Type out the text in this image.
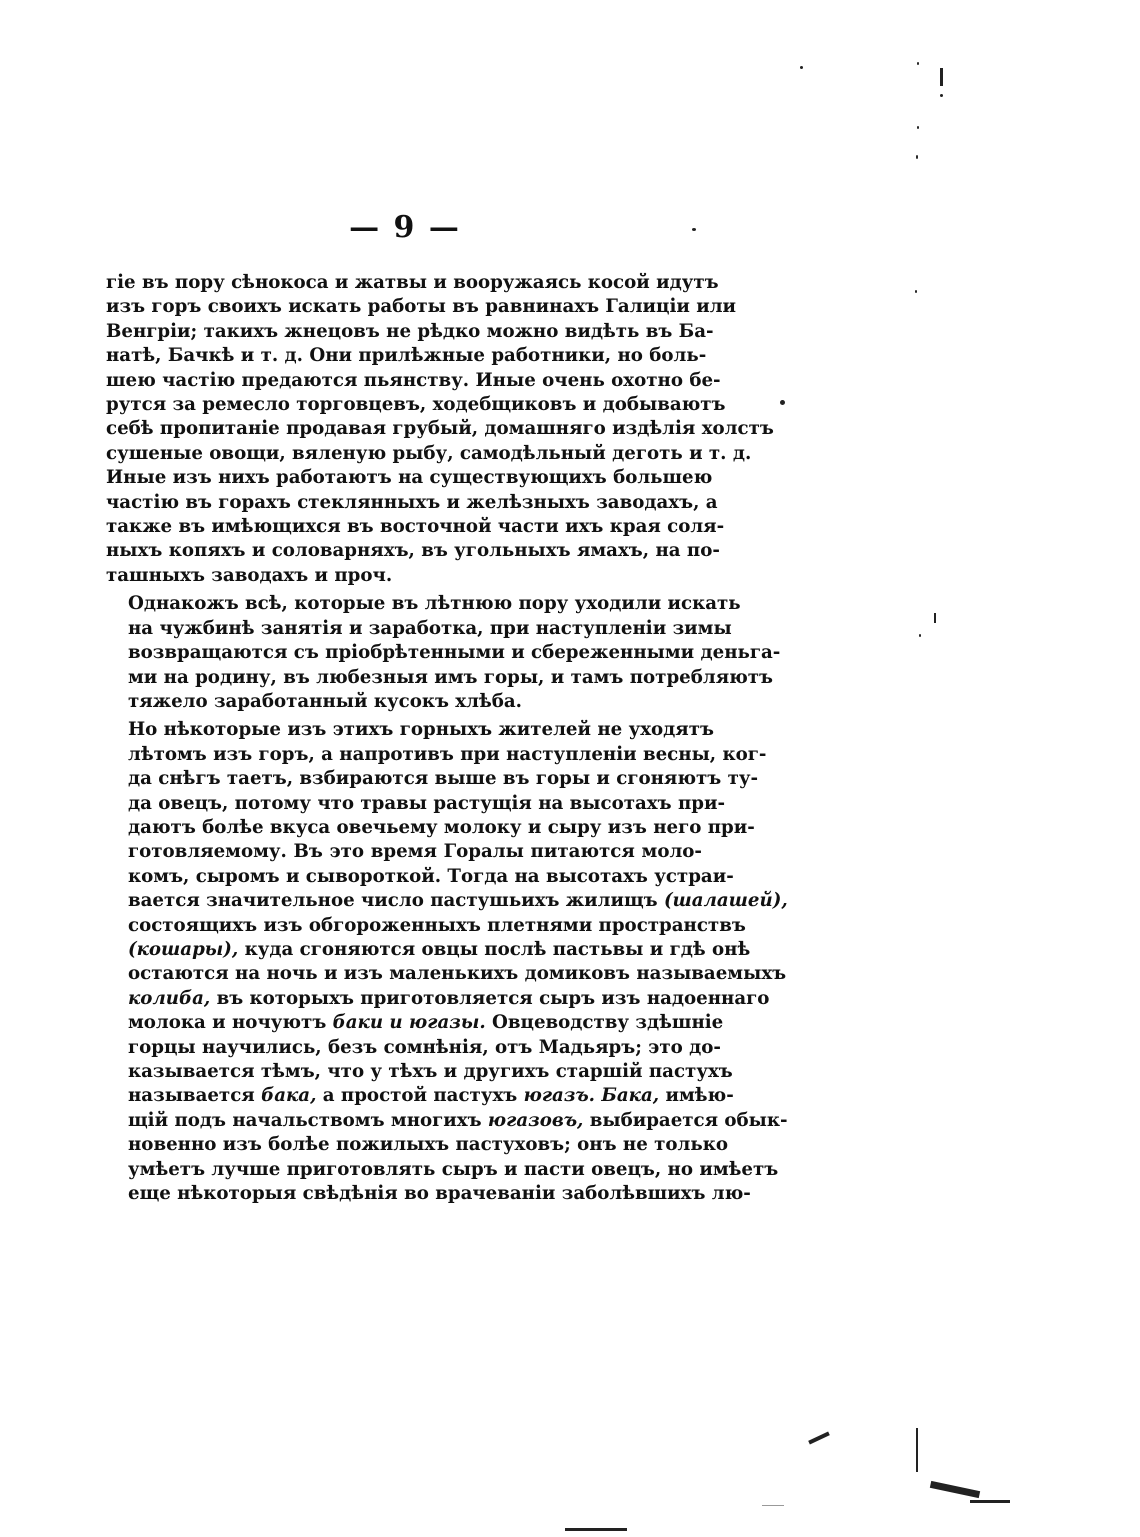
— 9 —
гіе въ пору сѣнокоса и жатвы и вооружаясь косой идутъ
изъ горъ своихъ искать работы въ равнинахъ Галиціи или
Венгріи; такихъ жнецовъ не рѣдко можно видѣть въ Ба-
натѣ, Бачкѣ и т. д. Они прилѣжные работники, но боль-
шею частію предаются пьянству. Иные очень охотно бе-
рутся за ремесло торговцевъ, ходебщиковъ и добываютъ
себѣ пропитаніе продавая грубый, домашняго издѣлія холстъ
сушеные овощи, вяленую рыбу, самодѣльный деготь и т. д.
Иные изъ нихъ работаютъ на существующихъ большею
частію въ горахъ стеклянныхъ и желѣзныхъ заводахъ, а
также въ имѣющихся въ восточной части ихъ края соля-
ныхъ копяхъ и соловарняхъ, въ угольныхъ ямахъ, на по-
ташныхъ заводахъ и проч.
Однакожъ всѣ, которые въ лѣтнюю пору уходили искать
на чужбинѣ занятія и заработка, при наступленіи зимы
возвращаются съ пріобрѣтенными и сбереженными деньга-
ми на родину, въ любезныя имъ горы, и тамъ потребляютъ
тяжело заработанный кусокъ хлѣба.
Но нѣкоторые изъ этихъ горныхъ жителей не уходятъ
лѣтомъ изъ горъ, а напротивъ при наступленіи весны, ког-
да снѣгъ таетъ, взбираются выше въ горы и сгоняютъ ту-
да овецъ, потому что травы растущія на высотахъ при-
даютъ болѣе вкуса овечьему молоку и сыру изъ него при-
готовляемому. Въ это время Горалы питаются моло-
комъ, сыромъ и сывороткой. Тогда на высотахъ устраи-
вается значительное число пастушьихъ жилищъ (шалашей),
состоящихъ изъ обгороженныхъ плетнями пространствъ
(кошары), куда сгоняются овцы послѣ пастьвы и гдѣ онѣ
остаются на ночь и изъ маленькихъ домиковъ называемыхъ
колиба, въ которыхъ приготовляется сыръ изъ надоеннаго
молока и ночуютъ баки и югазы. Овцеводству здѣшніе
горцы научились, безъ сомнѣнія, отъ Мадьяръ; это до-
казывается тѣмъ, что у тѣхъ и другихъ старшій пастухъ
называется бака, а простой пастухъ югазъ. Бака, имѣю-
щій подъ начальствомъ многихъ югазовъ, выбирается обык-
новенно изъ болѣе пожилыхъ пастуховъ; онъ не только
умѣетъ лучше приготовлять сыръ и пасти овецъ, но имѣетъ
еще нѣкоторыя свѣдѣнія во врачеваніи заболѣвшихъ лю-
